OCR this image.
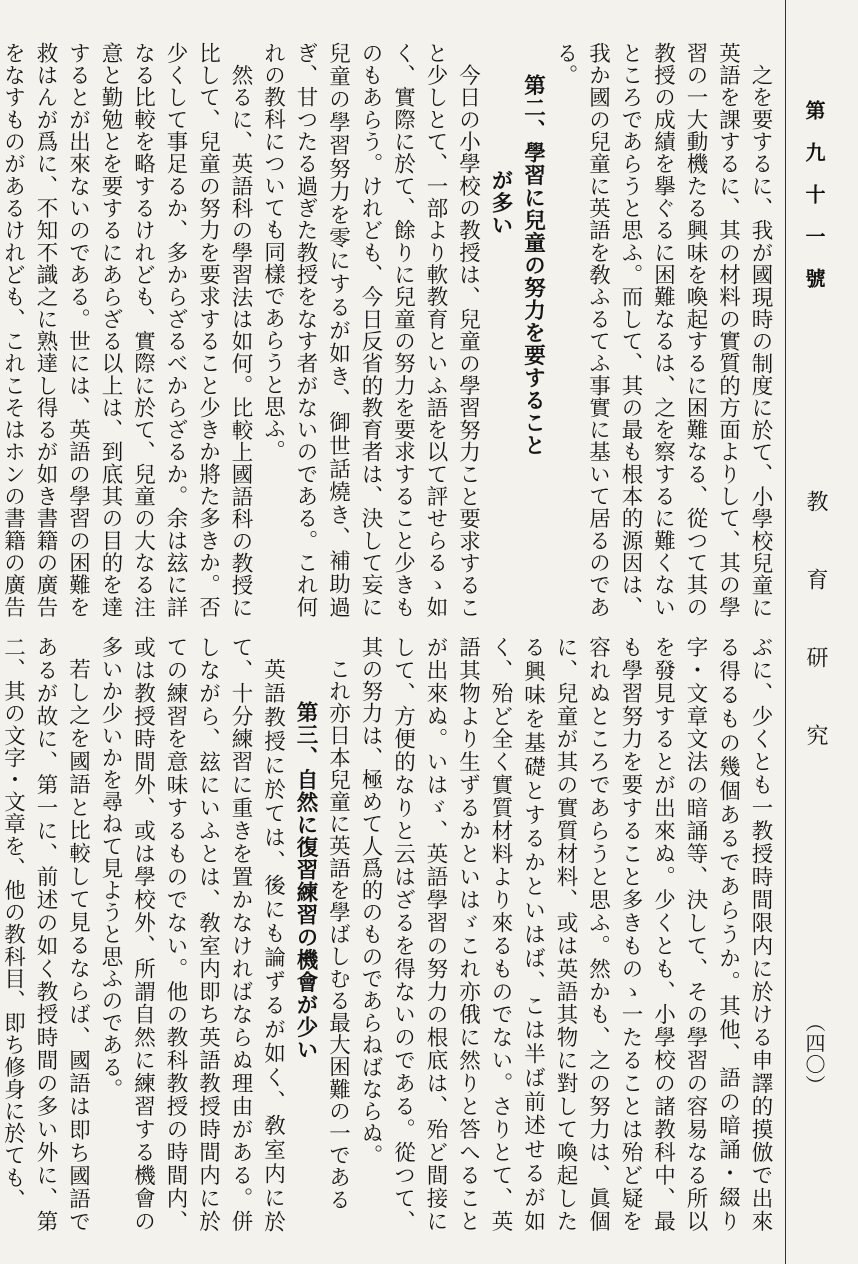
第九十一號
教育研究
（四〇）

之を要するに、我が國現時の制度に於て、小學校兒童に英語を課するに、其の材料の實質的方面よりして、其の學習の一大動機たる興味を喚起するに困難なる、從つて其の教授の成績を擧ぐるに困難なるは、之を察するに難くないところであらうと思ふ。而して、其の最も根本的源因は、我か國の兒童に英語を敎ふるてふ事實に基いて居るのである。

第二、學習に兒童の努力を要すること
が多い

今日の小學校の教授は、兒童の學習努力こと要求すること少しとて、一部より軟教育といふ語を以て評せらるゝ如く、實際に於て、餘りに兒童の努力を要求すること少きものもあらう。けれども、今日反省的教育者は、決して妄に兒童の學習努力を零にするが如き、御世話燒き、補助過ぎ、甘つたる過ぎた教授をなす者がないのである。これ何れの教科についても同樣であらうと思ふ。

然るに、英語科の學習法は如何。比較上國語科の教授に比して、兒童の努力を要求すること少きか將た多きか。否少くして事足るか、多からざるべからざるか。余は玆に詳なる比較を略するけれども、實際に於て、兒童の大なる注意と勤勉とを要するにあらざる以上は、到底其の目的を達するとが出來ないのである。世には、英語の學習の困難を救はんが爲に、不知不識之に熟達し得るが如き書籍の廣告をなすものがあるけれども、これこそはホンの書籍の廣告

ぶに、少くとも一教授時間限内に於ける申譯的摸倣で出來る得るもの幾個あるであらうか。其他、語の暗誦・綴り字・文章文法の暗誦等、決して、その學習の容易なる所以を發見するとが出來ぬ。少くとも、小學校の諸教科中、最も學習努力を要すること多きものゝ一たることは殆ど疑を容れぬところであらうと思ふ。然かも、之の努力は、眞個に、兒童が其の實質材料、或は英語其物に對して喚起したる興味を基礎とするかといはば、こは半ば前述せるが如く、殆ど全く實質材料より來るものでない。さりとて、英語其物より生ずるかといはゞこれ亦俄に然りと答へることが出來ぬ。いはゞ、英語學習の努力の根底は、殆ど間接にして、方便的なりと云はざるを得ないのである。從つて、其の努力は、極めて人爲的のものであらねばならぬ。

これ亦日本兒童に英語を學ばしむる最大困難の一である

第三、自然に復習練習の機會が少い

英語教授に於ては、後にも論ずるが如く、敎室内に於て、十分練習に重きを置かなければならぬ理由がある。併しながら、玆にいふとは、敎室内即ち英語教授時間内に於ての練習を意味するものでない。他の教科教授の時間内、或は教授時間外、或は學校外、所謂自然に練習する機會の多いか少いかを尋ねて見ようと思ふのである。

若し之を國語と比較して見るならば、國語は即ち國語であるが故に、第一に、前述の如く教授時間の多い外に、第二、其の文字・文章を、他の教科目、即ち修身に於ても、
